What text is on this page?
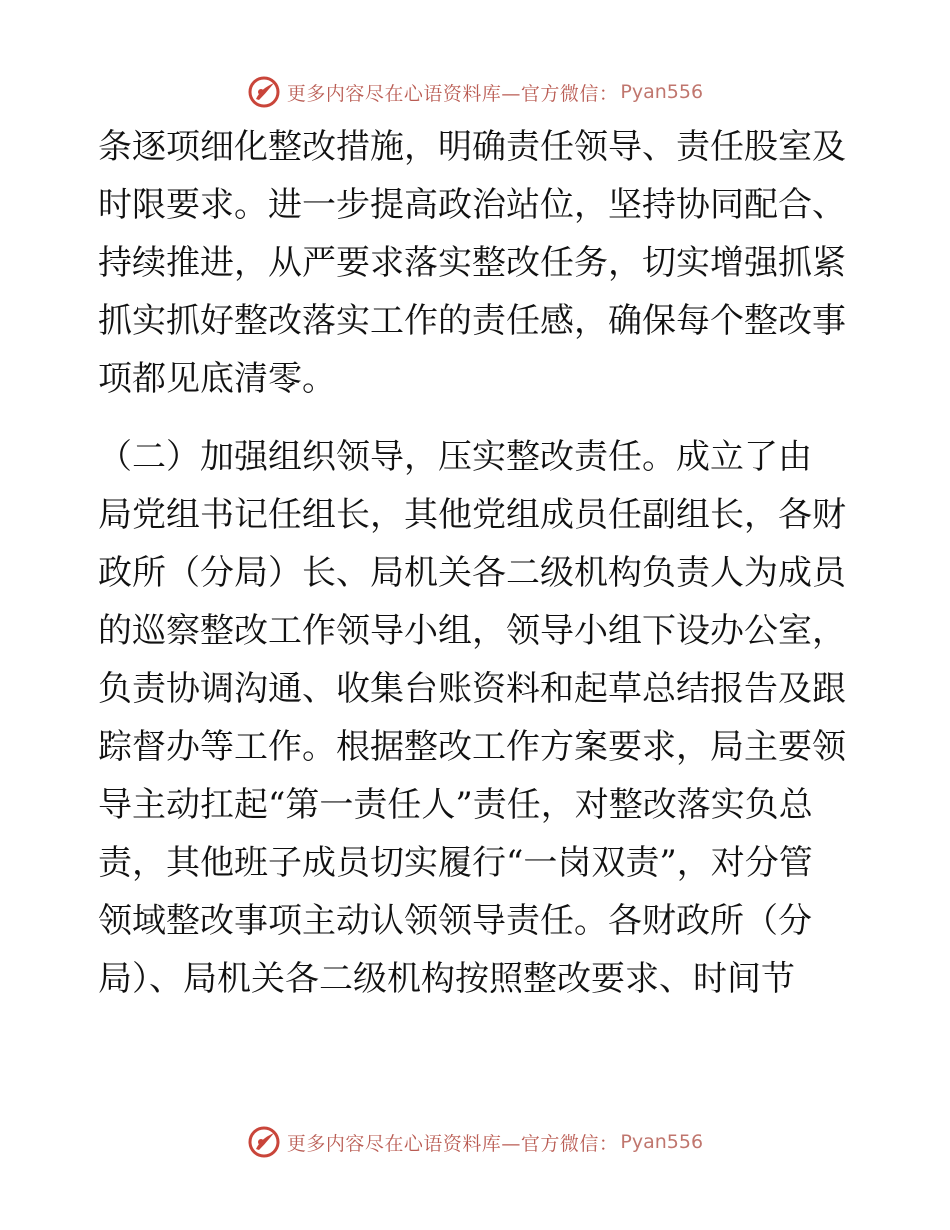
更多内容尽在心语资料库—官方微信： Pyan556
条逐项细化整改措施，明确责任领导、责任股室及
时限要求。进一步提高政治站位，坚持协同配合、
持续推进，从严要求落实整改任务，切实增强抓紧
抓实抓好整改落实工作的责任感，确保每个整改事
项都见底清零。
（二）加强组织领导，压实整改责任。成立了由
局党组书记任组长，其他党组成员任副组长，各财
政所（分局）长、局机关各二级机构负责人为成员
的巡察整改工作领导小组，领导小组下设办公室，
负责协调沟通、收集台账资料和起草总结报告及跟
踪督办等工作。根据整改工作方案要求，局主要领
导主动扛起“第一责任人”责任，对整改落实负总
责，其他班子成员切实履行“一岗双责”，对分管
领域整改事项主动认领领导责任。各财政所（分
局）、局机关各二级机构按照整改要求、时间节
更多内容尽在心语资料库—官方微信： Pyan556
